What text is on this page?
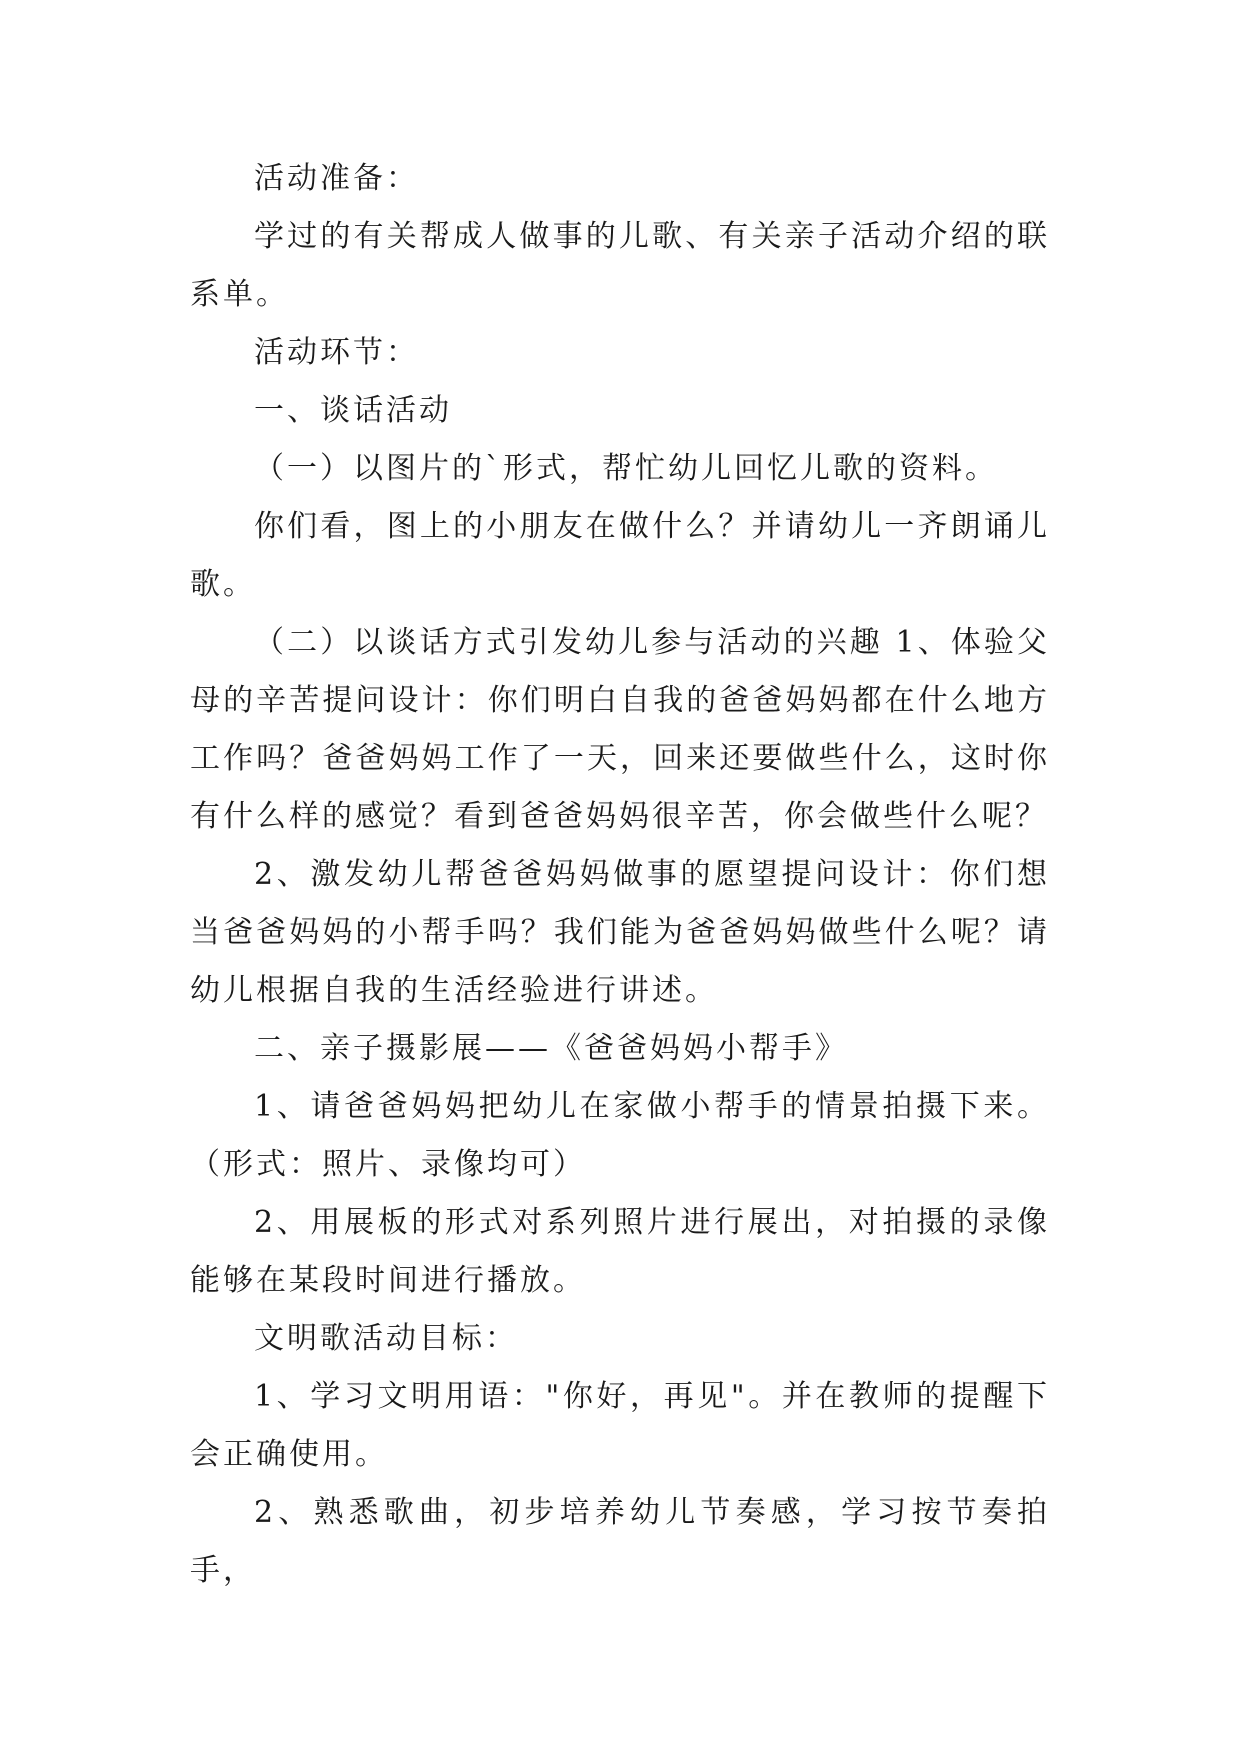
活动准备：

学过的有关帮成人做事的儿歌、有关亲子活动介绍的联系单。

活动环节：

一、谈话活动

（一）以图片的`形式，帮忙幼儿回忆儿歌的资料。

你们看，图上的小朋友在做什么？并请幼儿一齐朗诵儿歌。

（二）以谈话方式引发幼儿参与活动的兴趣 1、体验父母的辛苦提问设计：你们明白自我的爸爸妈妈都在什么地方工作吗？爸爸妈妈工作了一天，回来还要做些什么，这时你有什么样的感觉？看到爸爸妈妈很辛苦，你会做些什么呢？

2、激发幼儿帮爸爸妈妈做事的愿望提问设计：你们想当爸爸妈妈的小帮手吗？我们能为爸爸妈妈做些什么呢？请幼儿根据自我的生活经验进行讲述。

二、亲子摄影展——《爸爸妈妈小帮手》

1、请爸爸妈妈把幼儿在家做小帮手的情景拍摄下来。（形式：照片、录像均可）

2、用展板的形式对系列照片进行展出，对拍摄的录像能够在某段时间进行播放。

文明歌活动目标：

1、学习文明用语："你好，再见"。并在教师的提醒下会正确使用。

2、熟悉歌曲，初步培养幼儿节奏感，学习按节奏拍手，
